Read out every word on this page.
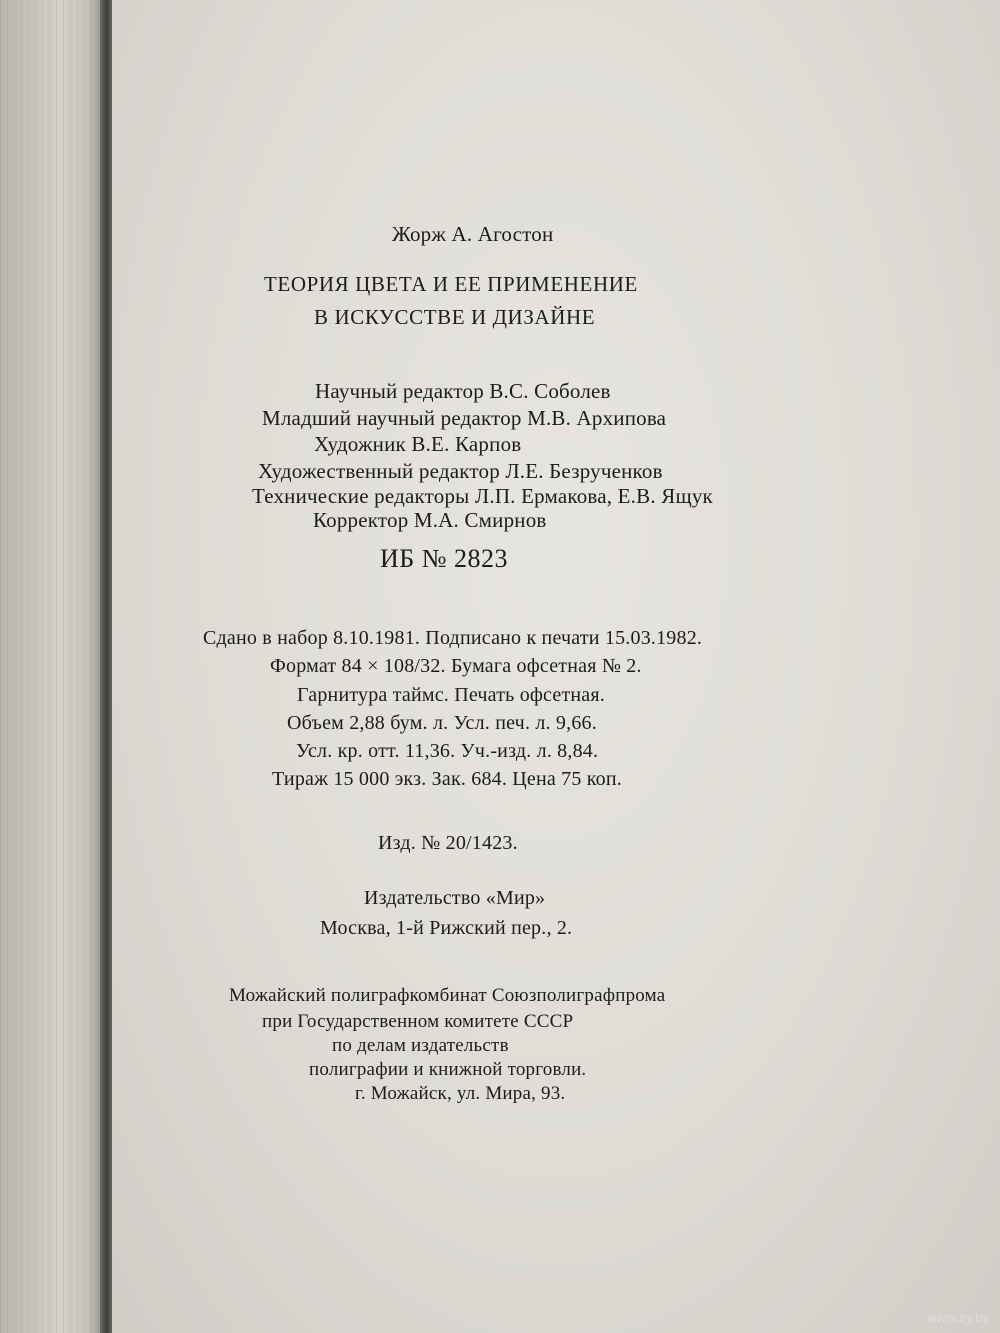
Жорж А. Агостон
ТЕОРИЯ ЦВЕТА И ЕЕ ПРИМЕНЕНИЕ
В ИСКУССТВЕ И ДИЗАЙНЕ
Научный редактор В.С. Соболев
Младший научный редактор М.В. Архипова
Художник В.Е. Карпов
Художественный редактор Л.Е. Безрученков
Технические редакторы Л.П. Ермакова, Е.В. Ящук
Корректор М.А. Смирнов
ИБ № 2823
Сдано в набор 8.10.1981. Подписано к печати 15.03.1982.
Формат 84 × 108/32. Бумага офсетная № 2.
Гарнитура таймс. Печать офсетная.
Объем 2,88 бум. л. Усл. печ. л. 9,66.
Усл. кр. отт. 11,36. Уч.-изд. л. 8,84.
Тираж 15 000 экз. Зак. 684. Цена 75 коп.
Изд. № 20/1423.
Издательство «Мир»
Москва, 1-й Рижский пер., 2.
Можайский полиграфкомбинат Союзполиграфпрома
при Государственном комитете СССР
по делам издательств
полиграфии и книжной торговли.
г. Можайск, ул. Мира, 93.
www.ay.by
